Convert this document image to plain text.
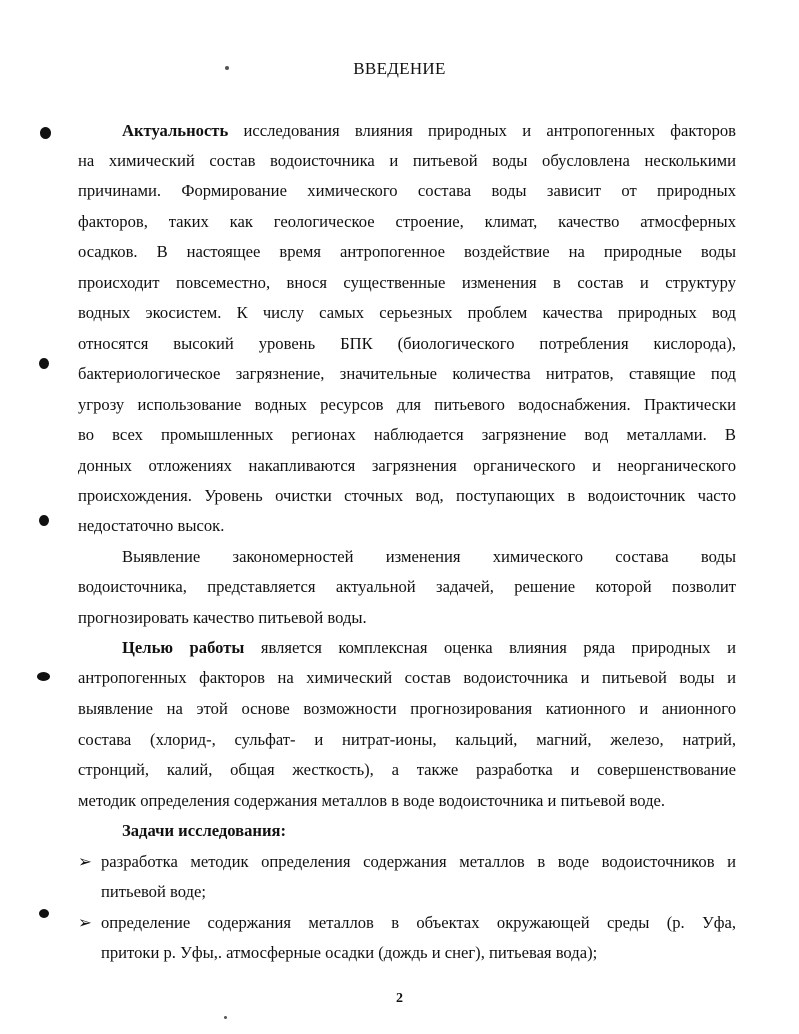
ВВЕДЕНИЕ
Актуальность исследования влияния природных и антропогенных факторов
на химический состав водоисточника и питьевой воды обусловлена несколькими
причинами. Формирование химического состава воды зависит от природных
факторов, таких как геологическое строение, климат, качество атмосферных
осадков. В настоящее время антропогенное воздействие на природные воды
происходит повсеместно, внося существенные изменения в состав и структуру
водных экосистем. К числу самых серьезных проблем качества природных вод
относятся высокий уровень БПК (биологического потребления кислорода),
бактериологическое загрязнение, значительные количества нитратов, ставящие под
угрозу использование водных ресурсов для питьевого водоснабжения. Практически
во всех промышленных регионах наблюдается загрязнение вод металлами. В
донных отложениях накапливаются загрязнения органического и неорганического
происхождения. Уровень очистки сточных вод, поступающих в водоисточник часто
недостаточно высок.
Выявление закономерностей изменения химического состава воды
водоисточника, представляется актуальной задачей, решение которой позволит
прогнозировать качество питьевой воды.
Целью работы является комплексная оценка влияния ряда природных и
антропогенных факторов на химический состав водоисточника и питьевой воды и
выявление на этой основе возможности прогнозирования катионного и анионного
состава (хлорид-, сульфат- и нитрат-ионы, кальций, магний, железо, натрий,
стронций, калий, общая жесткость), а также разработка и совершенствование
методик определения содержания металлов в воде водоисточника и питьевой воде.
Задачи исследования:
➢ разработка методик определения содержания металлов в воде водоисточников и
питьевой воде;
➢ определение содержания металлов в объектах окружающей среды (р. Уфа,
притоки р. Уфы,. атмосферные осадки (дождь и снег), питьевая вода);
2
